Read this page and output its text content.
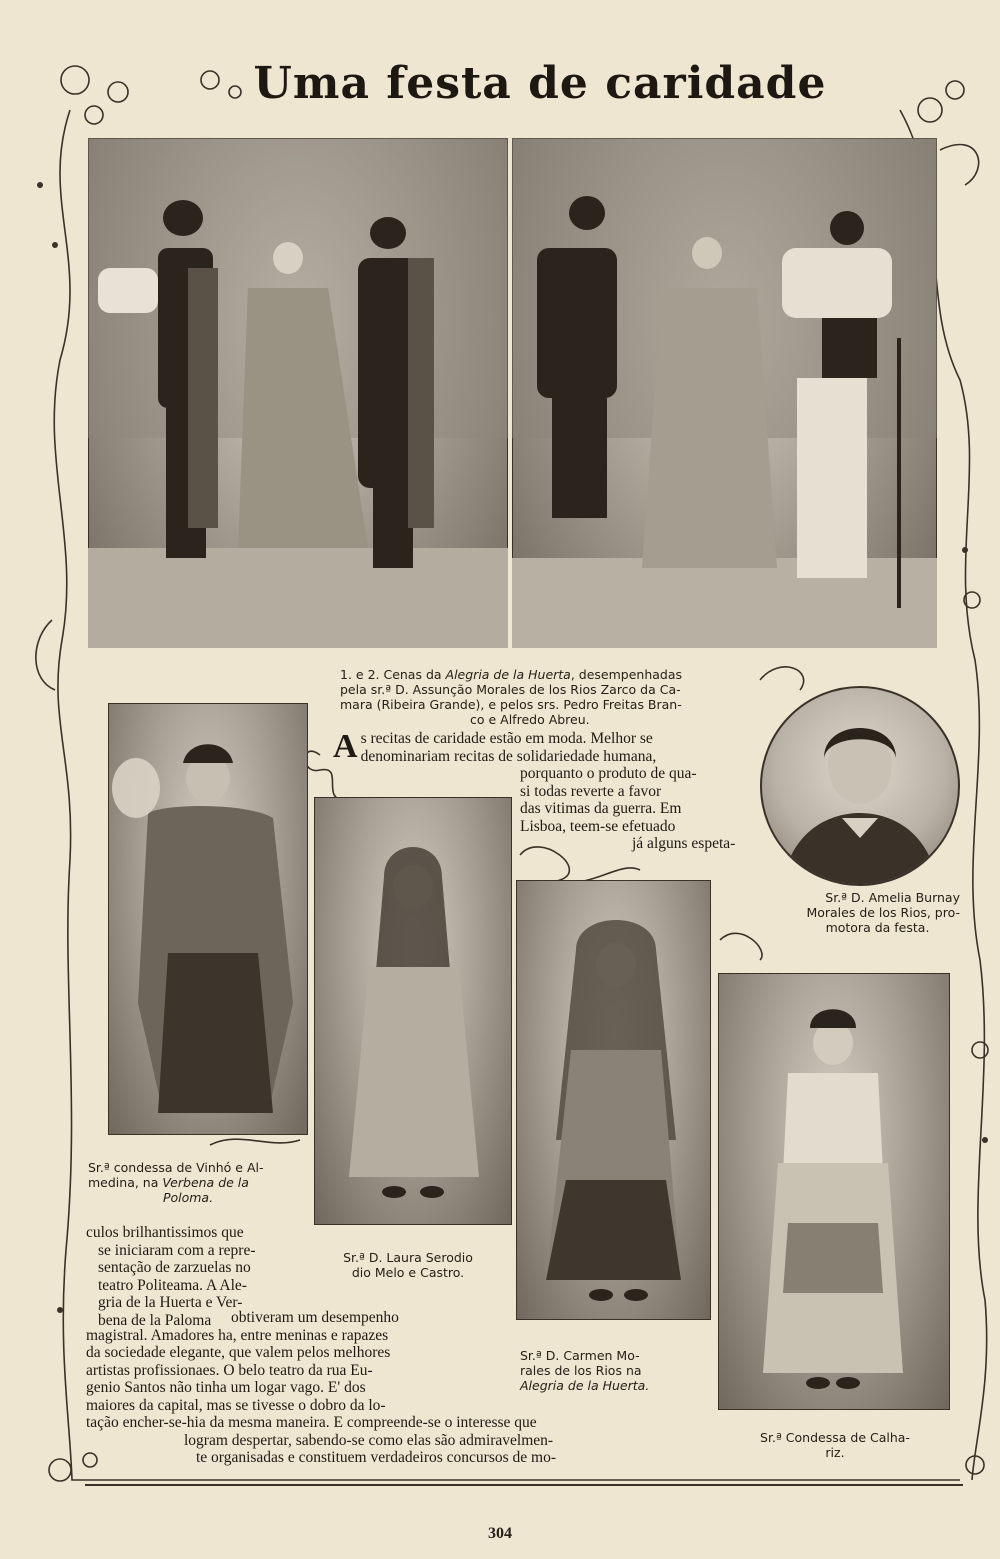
Uma festa de caridade
1. e 2. Cenas da Alegria de la Huerta, desempenhadas
pela sr.ª D. Assunção Morales de los Rios Zarco da Ca-
mara (Ribeira Grande), e pelos srs. Pedro Freitas Bran-
co e Alfredo Abreu.
Sr.ª D. Amelia Burnay
Morales de los Rios, pro-
motora da festa.
A s recitas de caridade estão em moda. Melhor se
denominariam recitas de solidariedade humana,
porquanto o produto de qua-
si todas reverte a favor
das vitimas da guerra. Em
Lisboa, teem-se efetuado
já alguns espeta-
Sr.ª condessa de Vinhó e Al-
medina, na Verbena de la
Poloma.
Sr.ª D. Laura Serodio
dio Melo e Castro.
Sr.ª D. Carmen Mo-
rales de los Rios na
Alegria de la Huerta.
Sr.ª Condessa de Calha-
riz.
culos brilhantissimos que
se iniciaram com a repre-
sentação de zarzuelas no
teatro Politeama. A Ale-
gria de la Huerta e Ver-
bena de la Paloma	obtiveram um desempenho
magistral. Amadores ha, entre meninas e rapazes
da sociedade elegante, que valem pelos melhores
artistas profissionaes. O belo teatro da rua Eu-
genio Santos não tinha um logar vago. E' dos
maiores da capital, mas se tivesse o dobro da lo-
tação encher-se-hia da mesma maneira. E compreende-se o interesse que
logram despertar, sabendo-se como elas são admiravelmen-
te organisadas e constituem verdadeiros concursos de mo-
304
